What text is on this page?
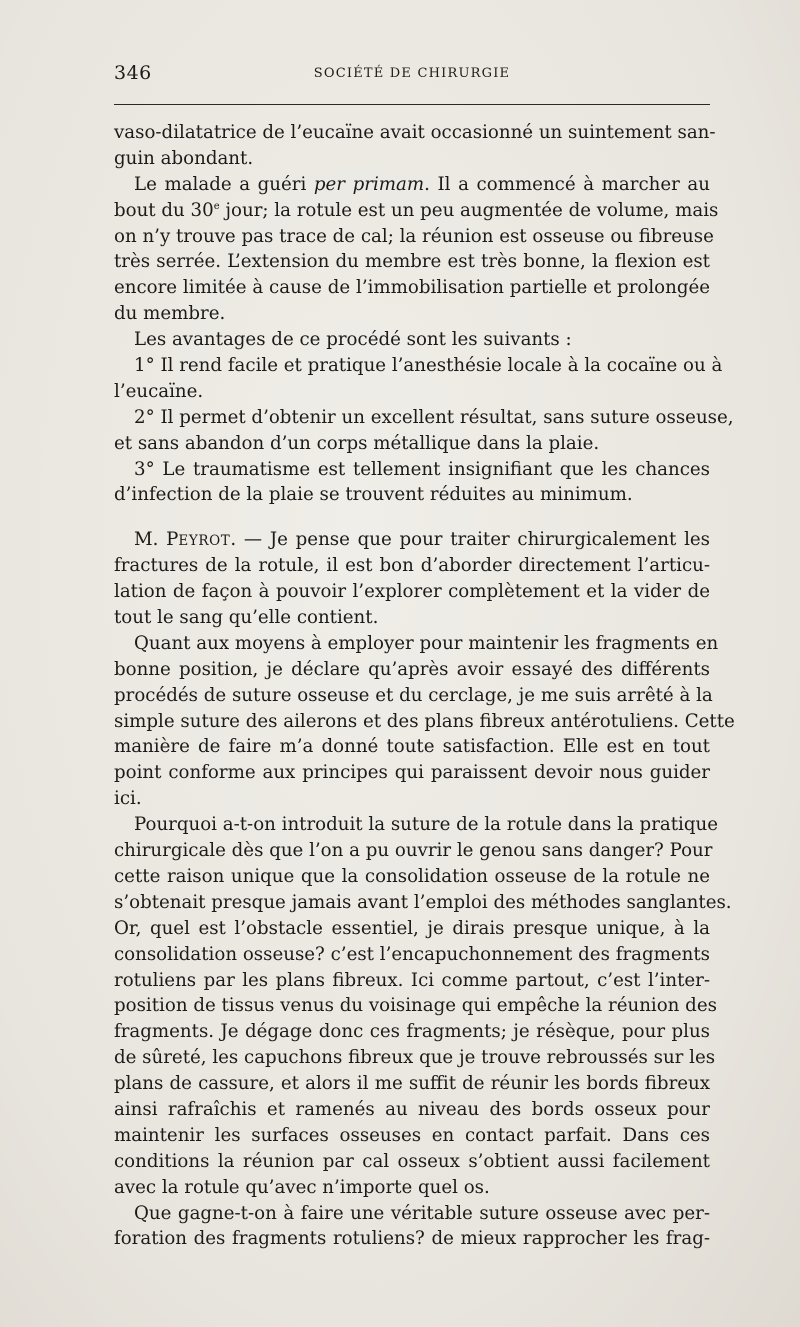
346	SOCIÉTÉ DE CHIRURGIE
vaso-dilatatrice de l’eucaïne avait occasionné un suintement san-
guin abondant.
Le malade a guéri per primam. Il a commencé à marcher au
bout du 30e jour; la rotule est un peu augmentée de volume, mais
on n’y trouve pas trace de cal; la réunion est osseuse ou fibreuse
très serrée. L’extension du membre est très bonne, la flexion est
encore limitée à cause de l’immobilisation partielle et prolongée
du membre.
Les avantages de ce procédé sont les suivants :
1° Il rend facile et pratique l’anesthésie locale à la cocaïne ou à
l’eucaïne.
2° Il permet d’obtenir un excellent résultat, sans suture osseuse,
et sans abandon d’un corps métallique dans la plaie.
3° Le traumatisme est tellement insignifiant que les chances
d’infection de la plaie se trouvent réduites au minimum.
M. PEYROT. — Je pense que pour traiter chirurgicalement les
fractures de la rotule, il est bon d’aborder directement l’articu-
lation de façon à pouvoir l’explorer complètement et la vider de
tout le sang qu’elle contient.
Quant aux moyens à employer pour maintenir les fragments en
bonne position, je déclare qu’après avoir essayé des différents
procédés de suture osseuse et du cerclage, je me suis arrêté à la
simple suture des ailerons et des plans fibreux antérotuliens. Cette
manière de faire m’a donné toute satisfaction. Elle est en tout
point conforme aux principes qui paraissent devoir nous guider
ici.
Pourquoi a-t-on introduit la suture de la rotule dans la pratique
chirurgicale dès que l’on a pu ouvrir le genou sans danger? Pour
cette raison unique que la consolidation osseuse de la rotule ne
s’obtenait presque jamais avant l’emploi des méthodes sanglantes.
Or, quel est l’obstacle essentiel, je dirais presque unique, à la
consolidation osseuse? c’est l’encapuchonnement des fragments
rotuliens par les plans fibreux. Ici comme partout, c’est l’inter-
position de tissus venus du voisinage qui empêche la réunion des
fragments. Je dégage donc ces fragments; je résèque, pour plus
de sûreté, les capuchons fibreux que je trouve rebroussés sur les
plans de cassure, et alors il me suffit de réunir les bords fibreux
ainsi rafraîchis et ramenés au niveau des bords osseux pour
maintenir les surfaces osseuses en contact parfait. Dans ces
conditions la réunion par cal osseux s’obtient aussi facilement
avec la rotule qu’avec n’importe quel os.
Que gagne-t-on à faire une véritable suture osseuse avec per-
foration des fragments rotuliens? de mieux rapprocher les frag-
